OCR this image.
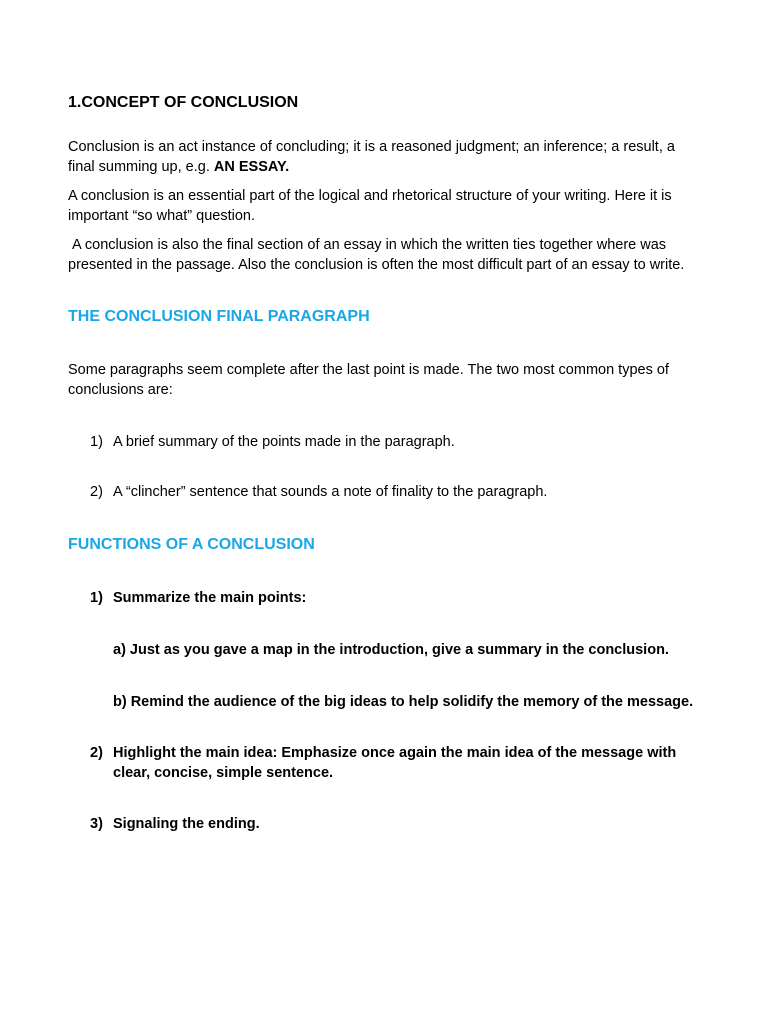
1.CONCEPT OF CONCLUSION

Conclusion is an act instance of concluding; it is a reasoned judgment; an inference; a result, a final summing up, e.g. AN ESSAY.

A conclusion is an essential part of the logical and rhetorical structure of your writing. Here it is important “so what” question.

A conclusion is also the final section of an essay in which the written ties together where was presented in the passage. Also the conclusion is often the most difficult part of an essay to write.

THE CONCLUSION FINAL PARAGRAPH

Some paragraphs seem complete after the last point is made. The two most common types of conclusions are:

1) A brief summary of the points made in the paragraph.
2) A “clincher” sentence that sounds a note of finality to the paragraph.
FUNCTIONS OF A CONCLUSION
1) Summarize the main points:

a) Just as you gave a map in the introduction, give a summary in the conclusion.

b) Remind the audience of the big ideas to help solidify the memory of the message.

2) Highlight the main idea: Emphasize once again the main idea of the message with clear, concise, simple sentence.
3) Signaling the ending.
